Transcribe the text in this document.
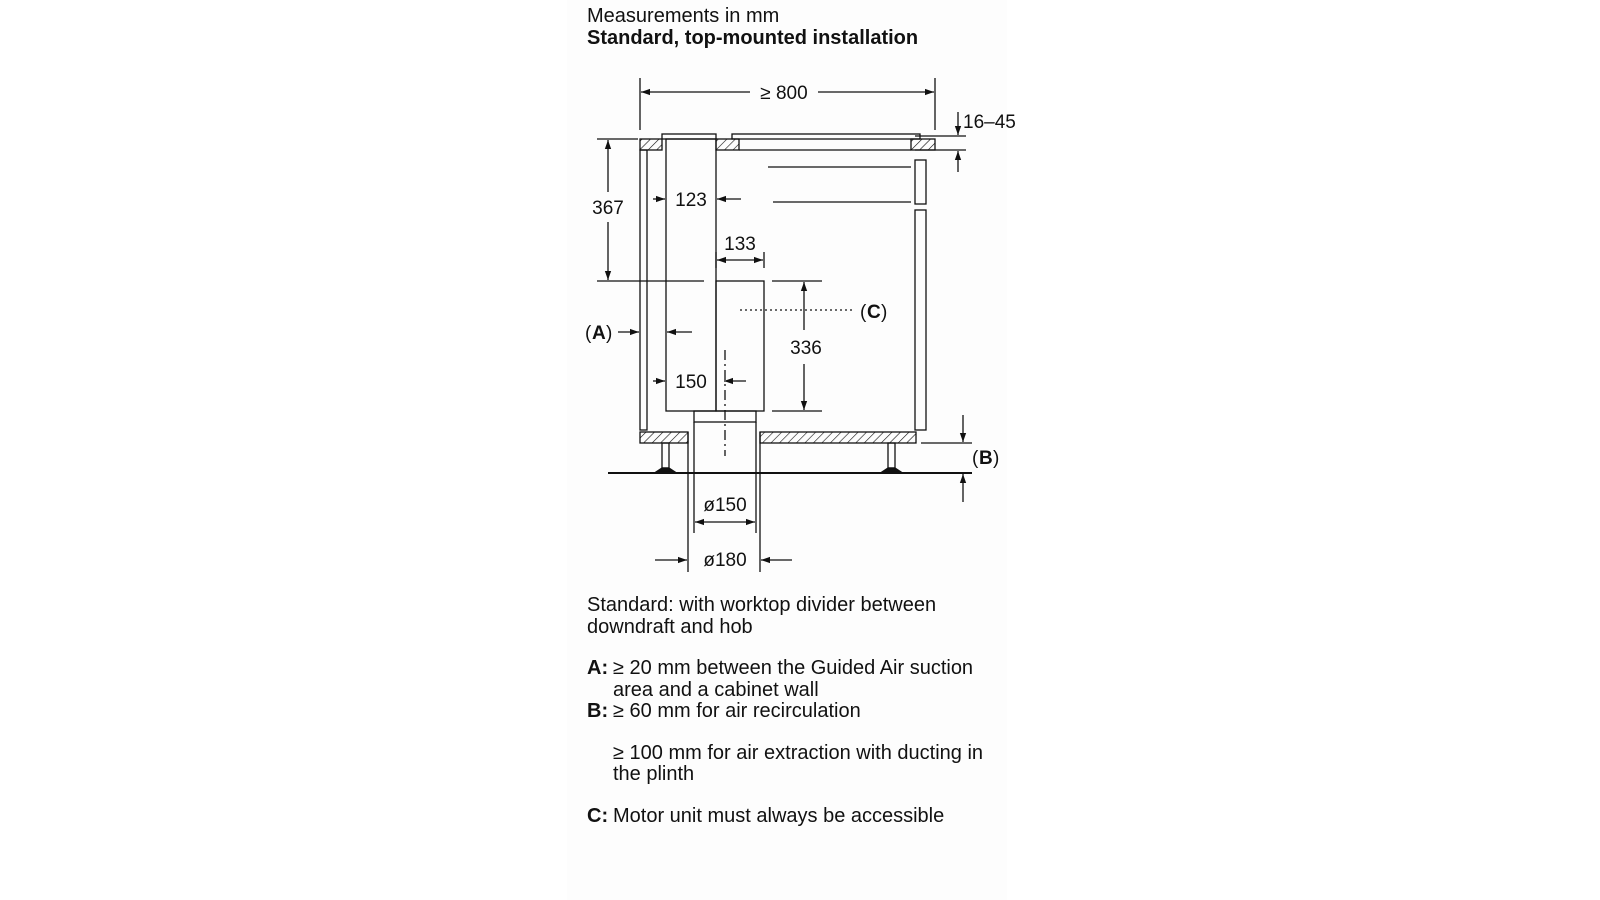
Measurements in mm
Standard, top-mounted installation
≥ 800
16–45
367	123
133
336
150
ø150
ø180
( A )
( B )
( C )
Standard: with worktop divider between downdraft and hob
A: ≥ 20 mm between the Guided Air suction area and a cabinet wall
B: ≥ 60 mm for air recirculation
≥ 100 mm for air extraction with ducting in the plinth
C: Motor unit must always be accessible
